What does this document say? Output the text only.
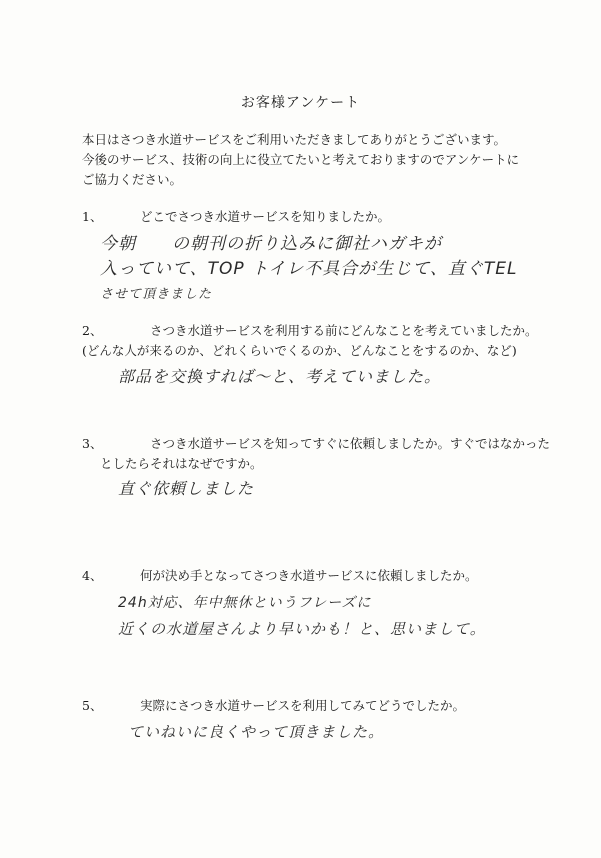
お客様アンケート
本日はさつき水道サービスをご利用いただきましてありがとうございます。
今後のサービス、技術の向上に役立てたいと考えておりますのでアンケートに
ご協力ください。
1、	どこでさつき水道サービスを知りましたか。
今朝　　の朝刊の折り込みに御社ハガキが
入っていて、TOP トイレ不具合が生じて、直ぐTEL
させて頂きました
2、	さつき水道サービスを利用する前にどんなことを考えていましたか。
(どんな人が来るのか、どれくらいでくるのか、どんなことをするのか、など)
部品を交換すれば〜と、考えていました。
3、	さつき水道サービスを知ってすぐに依頼しましたか。すぐではなかった
としたらそれはなぜですか。
直ぐ依頼しました
4、	何が決め手となってさつき水道サービスに依頼しましたか。
24h対応、年中無休というフレーズに
近くの水道屋さんより早いかも！と、思いまして。
5、	実際にさつき水道サービスを利用してみてどうでしたか。
ていねいに良くやって頂きました。
